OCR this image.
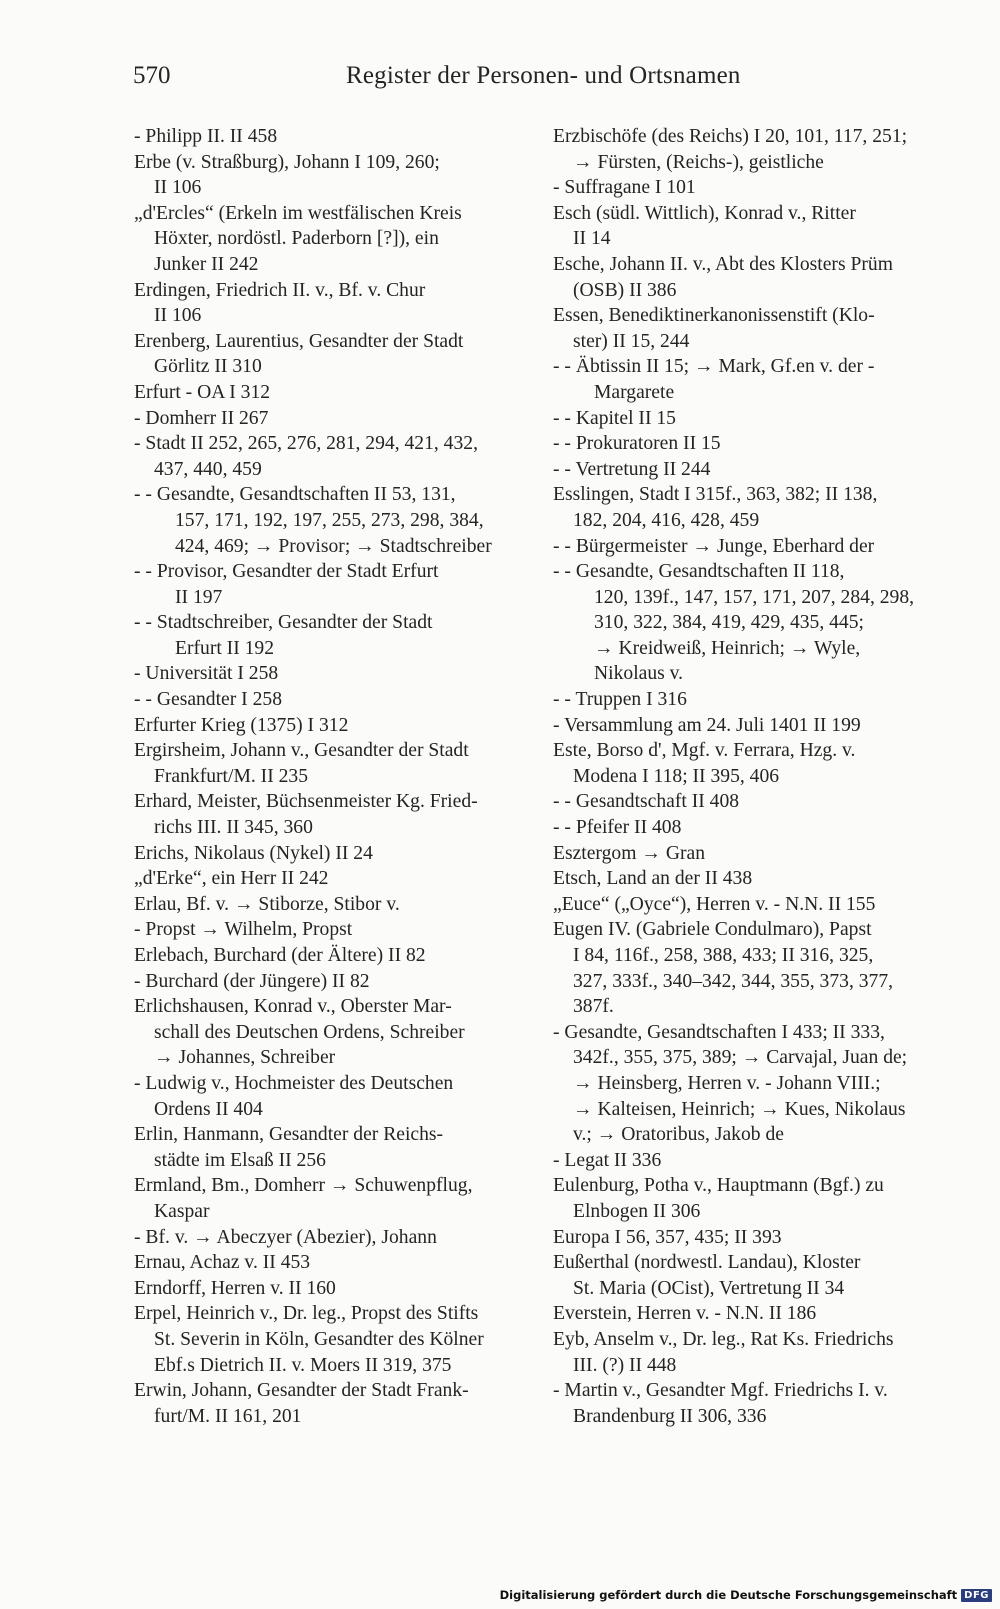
570	Register der Personen- und Ortsnamen
- Philipp II. II 458
Erbe (v. Straßburg), Johann I 109, 260;
II 106
„d'Ercles“ (Erkeln im westfälischen Kreis
Höxter, nordöstl. Paderborn [?]), ein
Junker II 242
Erdingen, Friedrich II. v., Bf. v. Chur
II 106
Erenberg, Laurentius, Gesandter der Stadt
Görlitz II 310
Erfurt - OA I 312
- Domherr II 267
- Stadt II 252, 265, 276, 281, 294, 421, 432,
437, 440, 459
- - Gesandte, Gesandtschaften II 53, 131,
157, 171, 192, 197, 255, 273, 298, 384,
424, 469; → Provisor; → Stadtschreiber
- - Provisor, Gesandter der Stadt Erfurt
II 197
- - Stadtschreiber, Gesandter der Stadt
Erfurt II 192
- Universität I 258
- - Gesandter I 258
Erfurter Krieg (1375) I 312
Ergirsheim, Johann v., Gesandter der Stadt
Frankfurt/M. II 235
Erhard, Meister, Büchsenmeister Kg. Fried-
richs III. II 345, 360
Erichs, Nikolaus (Nykel) II 24
„d'Erke“, ein Herr II 242
Erlau, Bf. v. → Stiborze, Stibor v.
- Propst → Wilhelm, Propst
Erlebach, Burchard (der Ältere) II 82
- Burchard (der Jüngere) II 82
Erlichshausen, Konrad v., Oberster Mar-
schall des Deutschen Ordens, Schreiber
→ Johannes, Schreiber
- Ludwig v., Hochmeister des Deutschen
Ordens II 404
Erlin, Hanmann, Gesandter der Reichs-
städte im Elsaß II 256
Ermland, Bm., Domherr → Schuwenpflug,
Kaspar
- Bf. v. → Abeczyer (Abezier), Johann
Ernau, Achaz v. II 453
Erndorff, Herren v. II 160
Erpel, Heinrich v., Dr. leg., Propst des Stifts
St. Severin in Köln, Gesandter des Kölner
Ebf.s Dietrich II. v. Moers II 319, 375
Erwin, Johann, Gesandter der Stadt Frank-
furt/M. II 161, 201
Erzbischöfe (des Reichs) I 20, 101, 117, 251;
→ Fürsten, (Reichs-), geistliche
- Suffragane I 101
Esch (südl. Wittlich), Konrad v., Ritter
II 14
Esche, Johann II. v., Abt des Klosters Prüm
(OSB) II 386
Essen, Benediktinerkanonissenstift (Klo-
ster) II 15, 244
- - Äbtissin II 15; → Mark, Gf.en v. der -
Margarete
- - Kapitel II 15
- - Prokuratoren II 15
- - Vertretung II 244
Esslingen, Stadt I 315f., 363, 382; II 138,
182, 204, 416, 428, 459
- - Bürgermeister → Junge, Eberhard der
- - Gesandte, Gesandtschaften II 118,
120, 139f., 147, 157, 171, 207, 284, 298,
310, 322, 384, 419, 429, 435, 445;
→ Kreidweiß, Heinrich; → Wyle,
Nikolaus v.
- - Truppen I 316
- Versammlung am 24. Juli 1401 II 199
Este, Borso d', Mgf. v. Ferrara, Hzg. v.
Modena I 118; II 395, 406
- - Gesandtschaft II 408
- - Pfeifer II 408
Esztergom → Gran
Etsch, Land an der II 438
„Euce“ („Oyce“), Herren v. - N.N. II 155
Eugen IV. (Gabriele Condulmaro), Papst
I 84, 116f., 258, 388, 433; II 316, 325,
327, 333f., 340–342, 344, 355, 373, 377,
387f.
- Gesandte, Gesandtschaften I 433; II 333,
342f., 355, 375, 389; → Carvajal, Juan de;
→ Heinsberg, Herren v. - Johann VIII.;
→ Kalteisen, Heinrich; → Kues, Nikolaus
v.; → Oratoribus, Jakob de
- Legat II 336
Eulenburg, Potha v., Hauptmann (Bgf.) zu
Elnbogen II 306
Europa I 56, 357, 435; II 393
Eußerthal (nordwestl. Landau), Kloster
St. Maria (OCist), Vertretung II 34
Everstein, Herren v. - N.N. II 186
Eyb, Anselm v., Dr. leg., Rat Ks. Friedrichs
III. (?) II 448
- Martin v., Gesandter Mgf. Friedrichs I. v.
Brandenburg II 306, 336
Digitalisierung gefördert durch die Deutsche Forschungsgemeinschaft DFG
